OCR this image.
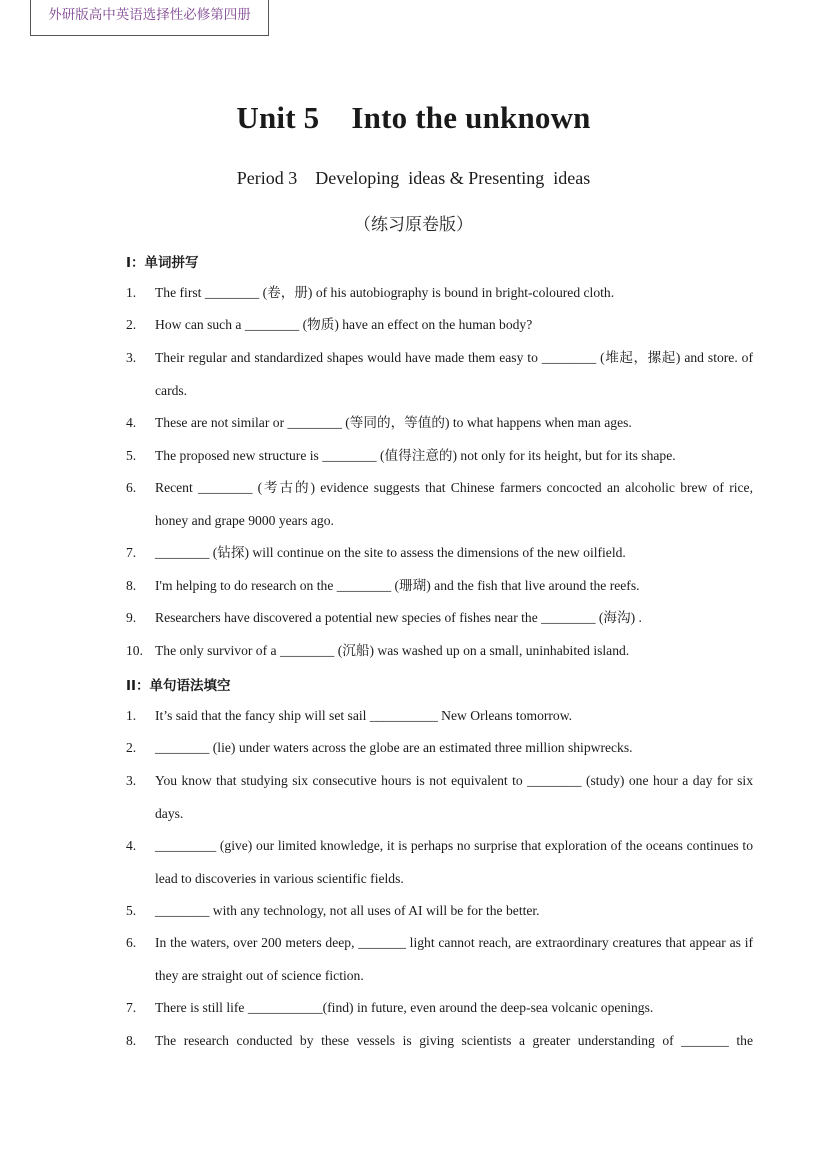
外研版高中英语选择性必修第四册
Unit 5 Into the unknown
Period 3 Developing  ideas & Presenting  ideas
（练习原卷版）
I：单词拼写
1. The first ________ (卷，册) of his autobiography is bound in bright-coloured cloth.
2. How can such a ________ (物质) have an effect on the human body?
3. Their regular and standardized shapes would have made them easy to ________ (堆起，摞起) and store. of cards.
4. These are not similar or ________ (等同的，等值的) to what happens when man ages.
5. The proposed new structure is ________ (值得注意的) not only for its height, but for its shape.
6. Recent ________ (考古的) evidence suggests that Chinese farmers concocted an alcoholic brew of rice, honey and grape 9000 years ago.
7. ________ (钻探) will continue on the site to assess the dimensions of the new oilfield.
8. I'm helping to do research on the ________ (珊瑚) and the fish that live around the reefs.
9. Researchers have discovered a potential new species of fishes near the ________ (海沟) .
10. The only survivor of a ________ (沉船) was washed up on a small, uninhabited island.
II：单句语法填空
1. It’s said that the fancy ship will set sail __________ New Orleans tomorrow.
2. ________ (lie) under waters across the globe are an estimated three million shipwrecks.
3. You know that studying six consecutive hours is not equivalent to ________ (study) one hour a day for six days.
4. _________ (give) our limited knowledge, it is perhaps no surprise that exploration of the oceans continues to lead to discoveries in various scientific fields.
5. ________ with any technology, not all uses of AI will be for the better.
6. In the waters, over 200 meters deep, _______ light cannot reach, are extraordinary creatures that appear as if they are straight out of science fiction.
7. There is still life ___________(find) in future, even around the deep-sea volcanic openings.
8. The research conducted by these vessels is giving scientists a greater understanding of _______ the
